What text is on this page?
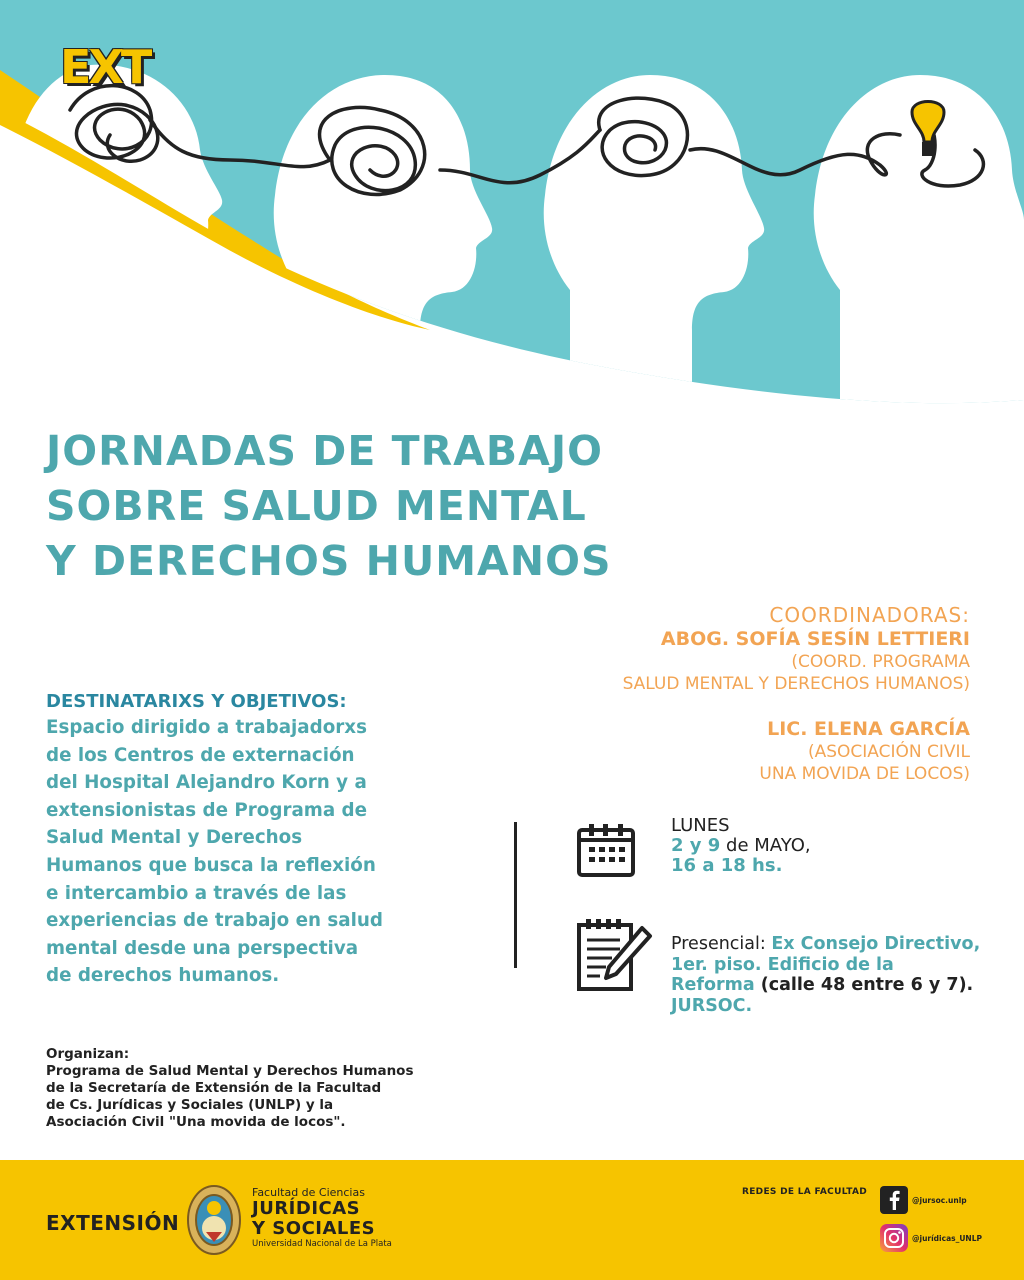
EXT
JORNADAS DE TRABAJO
SOBRE SALUD MENTAL
Y DERECHOS HUMANOS
COORDINADORAS:
ABOG. SOFÍA SESÍN LETTIERI
(COORD. PROGRAMA
SALUD MENTAL Y DERECHOS HUMANOS)
LIC. ELENA GARCÍA
(ASOCIACIÓN CIVIL
UNA MOVIDA DE LOCOS)
DESTINATARIXS Y OBJETIVOS:
Espacio dirigido a trabajadorxs
de los Centros de externación
del Hospital Alejandro Korn y a
extensionistas de Programa de
Salud Mental y Derechos
Humanos que busca la reflexión
e intercambio a través de las
experiencias de trabajo en salud
mental desde una perspectiva
de derechos humanos.
LUNES
2 y 9 de MAYO,
16 a 18 hs.
Presencial: Ex Consejo Directivo, 1er. piso. Edificio de la Reforma (calle 48 entre 6 y 7). JURSOC.
Organizan:
Programa de Salud Mental y Derechos Humanos
de la Secretaría de Extensión de la Facultad
de Cs. Jurídicas y Sociales (UNLP) y la
Asociación Civil "Una movida de locos".
EXTENSIÓN
Facultad de Ciencias
JURÍDICAS
Y SOCIALES
Universidad Nacional de La Plata
REDES DE LA FACULTAD
@jursoc.unlp
@jurídicas_UNLP
